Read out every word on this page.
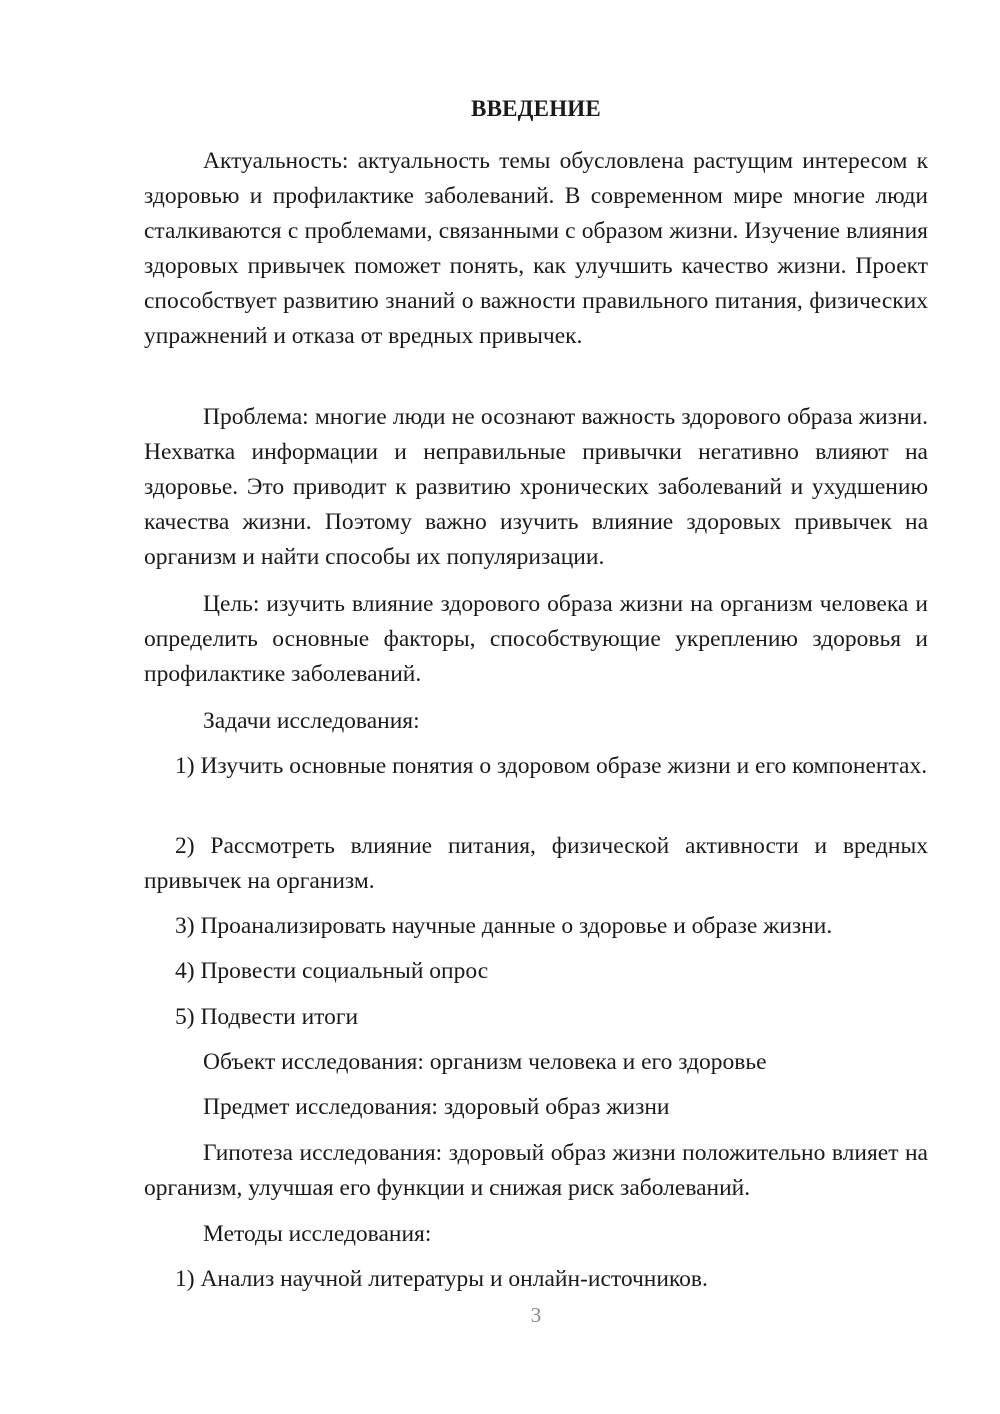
ВВЕДЕНИЕ

Актуальность: актуальность темы обусловлена растущим интересом к здоровью и профилактике заболеваний. В современном мире многие люди сталкиваются с проблемами, связанными с образом жизни. Изучение влияния здоровых привычек поможет понять, как улучшить качество жизни. Проект способствует развитию знаний о важности правильного питания, физических упражнений и отказа от вредных привычек.

Проблема: многие люди не осознают важность здорового образа жизни. Нехватка информации и неправильные привычки негативно влияют на здоровье. Это приводит к развитию хронических заболеваний и ухудшению качества жизни. Поэтому важно изучить влияние здоровых привычек на организм и найти способы их популяризации.

Цель: изучить влияние здорового образа жизни на организм человека и определить основные факторы, способствующие укреплению здоровья и профилактике заболеваний.

Задачи исследования:

1) Изучить основные понятия о здоровом образе жизни и его компонентах.

2) Рассмотреть влияние питания, физической активности и вредных привычек на организм.

3) Проанализировать научные данные о здоровье и образе жизни.

4) Провести социальный опрос

5) Подвести итоги

Объект исследования: организм человека и его здоровье

Предмет исследования: здоровый образ жизни

Гипотеза исследования: здоровый образ жизни положительно влияет на организм, улучшая его функции и снижая риск заболеваний.

Методы исследования:

1) Анализ научной литературы и онлайн-источников.

3
